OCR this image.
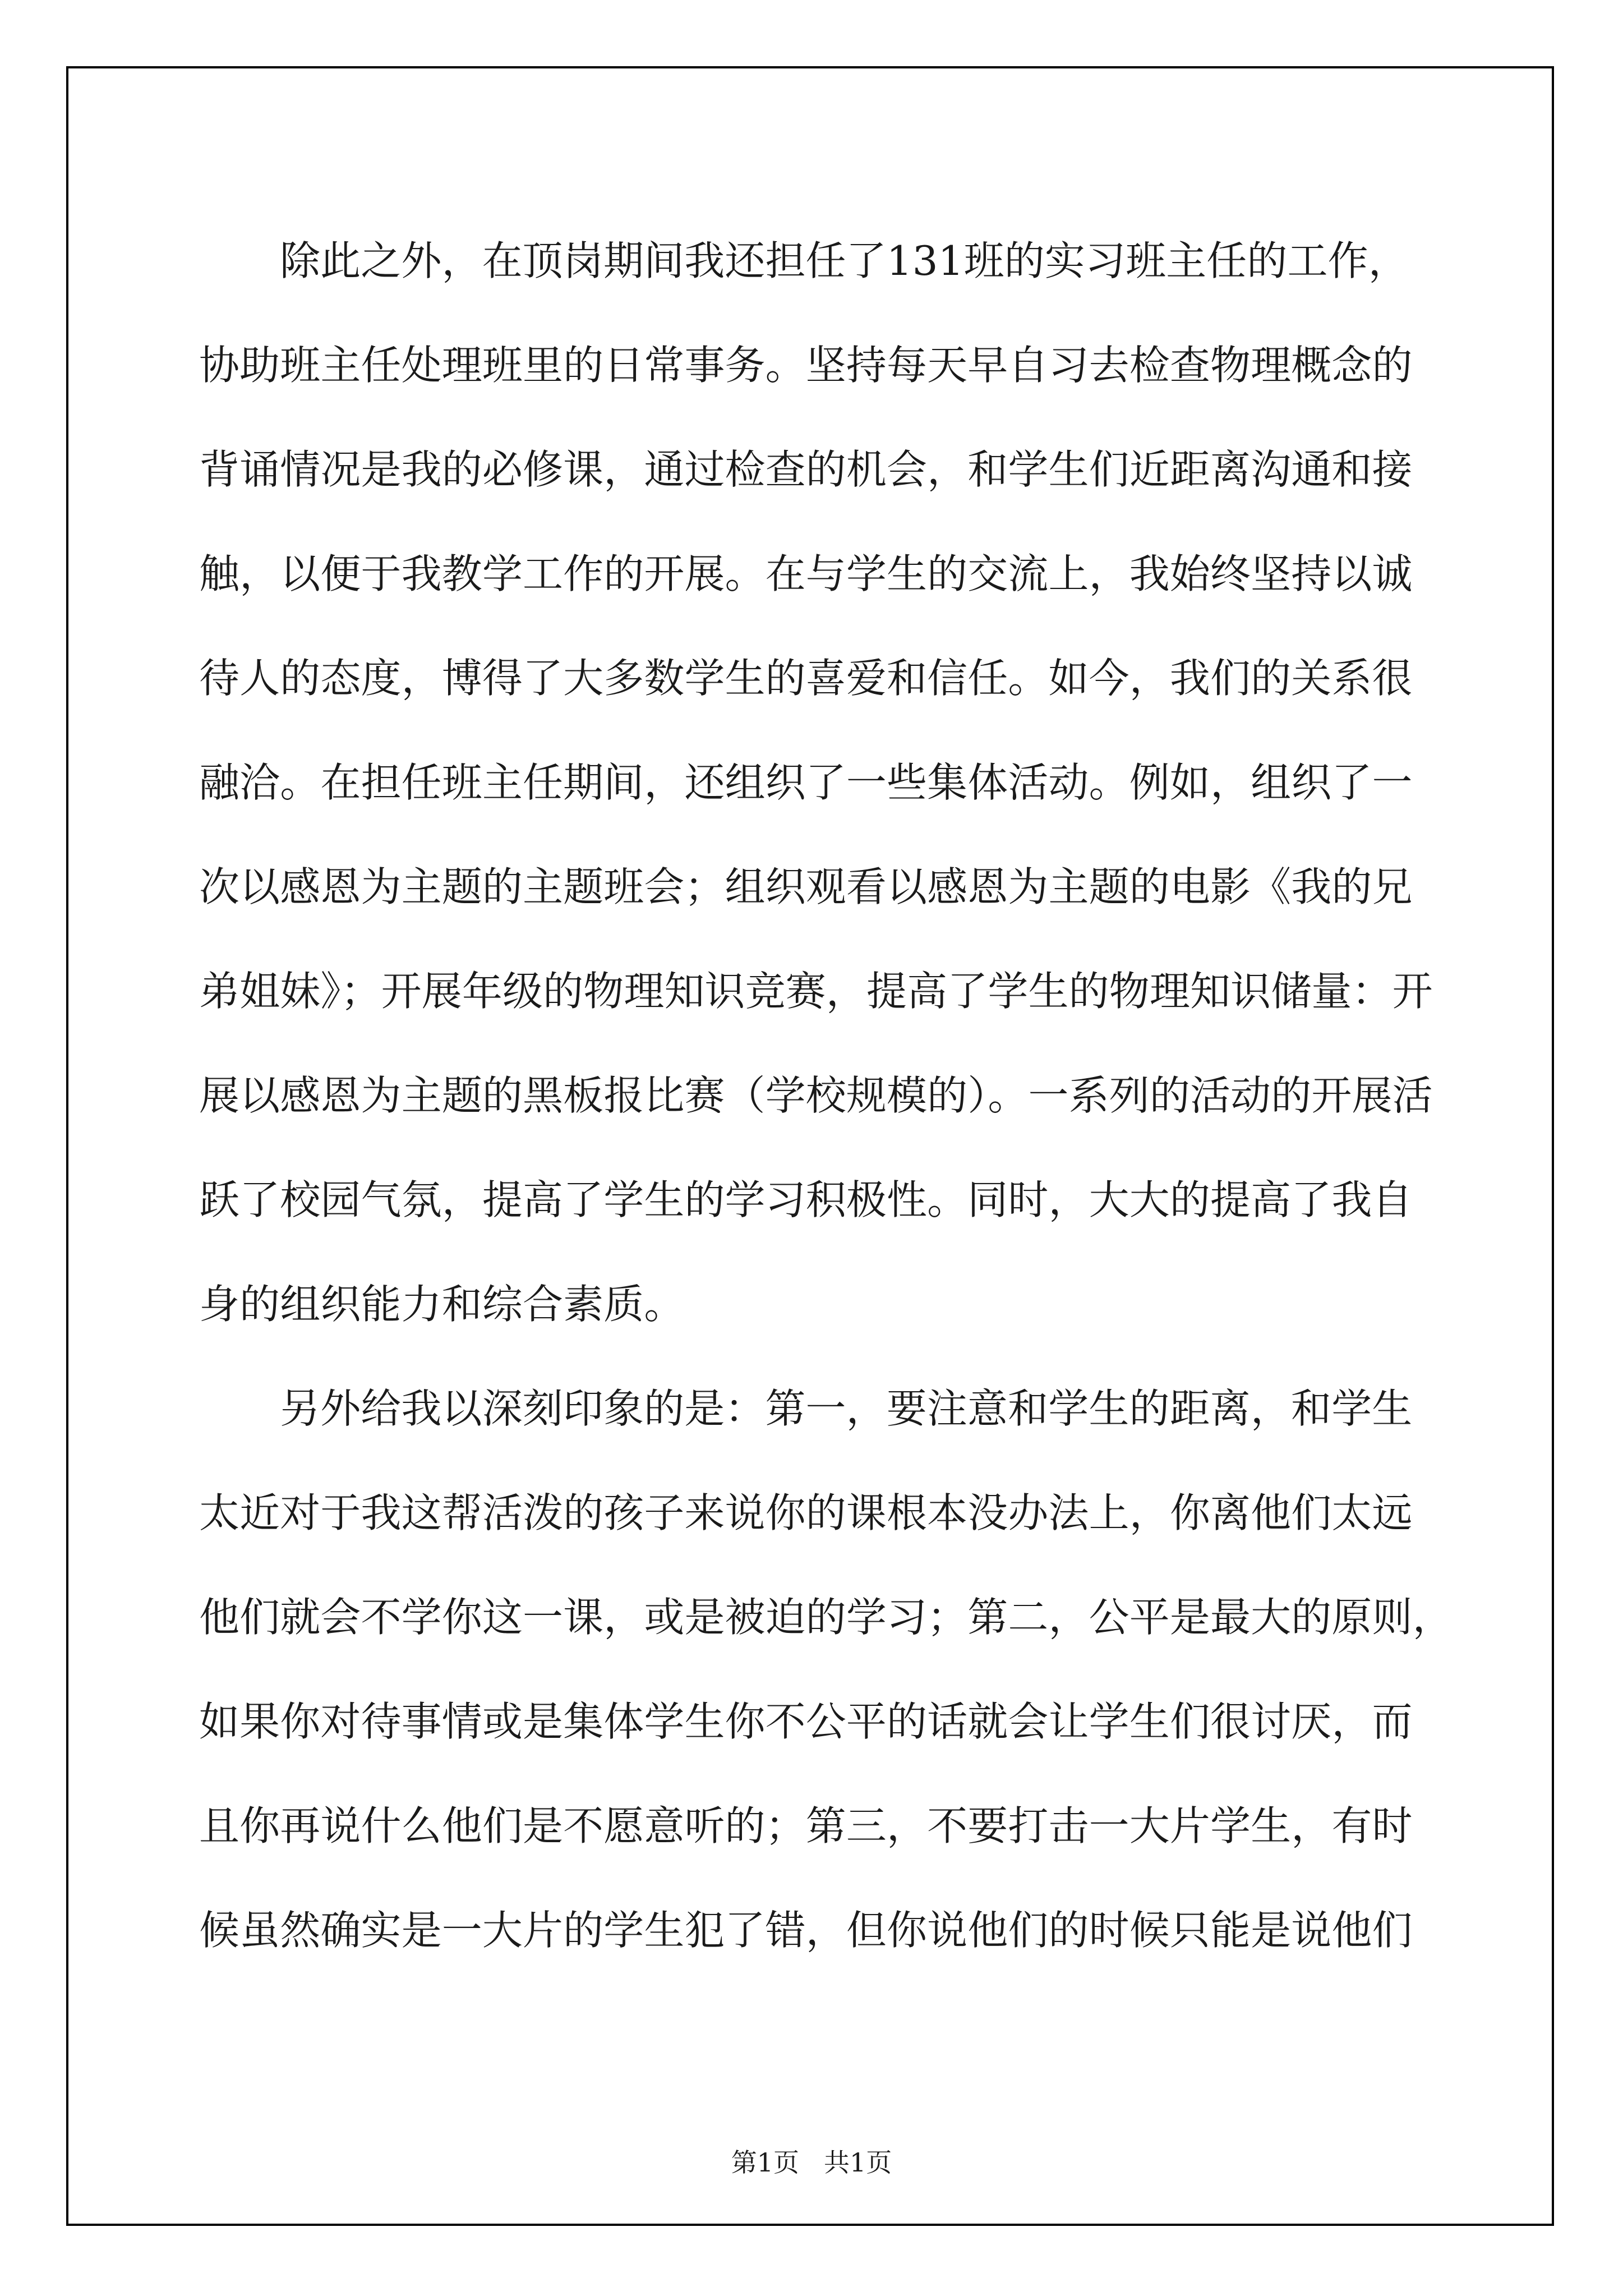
除此之外，在顶岗期间我还担任了131班的实习班主任的工作，
协助班主任处理班里的日常事务。坚持每天早自习去检查物理概念的
背诵情况是我的必修课，通过检查的机会，和学生们近距离沟通和接
触，以便于我教学工作的开展。在与学生的交流上，我始终坚持以诚
待人的态度，博得了大多数学生的喜爱和信任。如今，我们的关系很
融洽。在担任班主任期间，还组织了一些集体活动。例如，组织了一
次以感恩为主题的主题班会；组织观看以感恩为主题的电影《我的兄
弟姐妹》；开展年级的物理知识竞赛，提高了学生的物理知识储量：开
展以感恩为主题的黑板报比赛（学校规模的）。一系列的活动的开展活
跃了校园气氛，提高了学生的学习积极性。同时，大大的提高了我自
身的组织能力和综合素质。
另外给我以深刻印象的是：第一，要注意和学生的距离，和学生
太近对于我这帮活泼的孩子来说你的课根本没办法上，你离他们太远
他们就会不学你这一课，或是被迫的学习；第二，公平是最大的原则，
如果你对待事情或是集体学生你不公平的话就会让学生们很讨厌，而
且你再说什么他们是不愿意听的；第三，不要打击一大片学生，有时
候虽然确实是一大片的学生犯了错，但你说他们的时候只能是说他们
第1页 共1页
